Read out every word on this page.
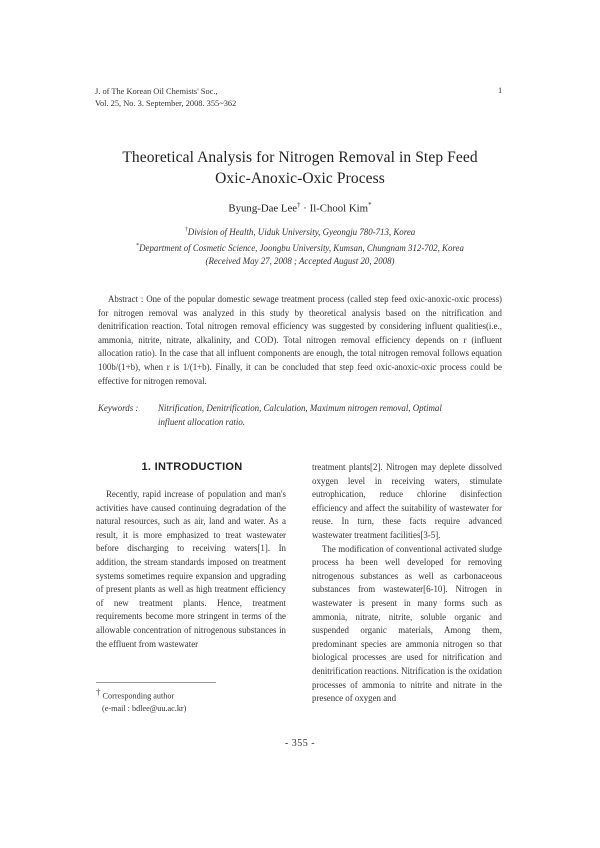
J. of The Korean Oil Chemists' Soc.,
Vol. 25, No. 3. September, 2008. 355~362
1
Theoretical Analysis for Nitrogen Removal in Step Feed
Oxic-Anoxic-Oxic Process
Byung-Dae Lee† · Il-Chool Kim*
†Division of Health, Uiduk University, Gyeongju 780-713, Korea
*Department of Cosmetic Science, Joongbu University, Kumsan, Chungnam 312-702, Korea
(Received May 27, 2008 ; Accepted August 20, 2008)
Abstract : One of the popular domestic sewage treatment process (called step feed oxic-anoxic-oxic process) for nitrogen removal was analyzed in this study by theoretical analysis based on the nitrification and denitrification reaction. Total nitrogen removal efficiency was suggested by considering influent qualities(i.e., ammonia, nitrite, nitrate, alkalinity, and COD). Total nitrogen removal efficiency depends on r (influent allocation ratio). In the case that all influent components are enough, the total nitrogen removal follows equation 100b/(1+b), when r is 1/(1+b). Finally, it can be concluded that step feed oxic-anoxic-oxic process could be effective for nitrogen removal.
Keywords : Nitrification, Denitrification, Calculation, Maximum nitrogen removal, Optimal
influent allocation ratio.
1. INTRODUCTION

Recently, rapid increase of population and man's activities have caused continuing degradation of the natural resources, such as air, land and water. As a result, it is more emphasized to treat wastewater before discharging to receiving waters[1]. In addition, the stream standards imposed on treatment systems sometimes require expansion and upgrading of present plants as well as high treatment efficiency of new treatment plants. Hence, treatment requirements become more stringent in terms of the allowable concentration of nitrogenous substances in the effluent from wastewater

treatment plants[2]. Nitrogen may deplete dissolved oxygen level in receiving waters, stimulate eutrophication, reduce chlorine disinfection efficiency and affect the suitability of wastewater for reuse. In turn, these facts require advanced wastewater treatment facilities[3-5].

The modification of conventional activated sludge process ha been well developed for removing nitrogenous substances as well as carbonaceous substances from wastewater[6-10]. Nitrogen in wastewater is present in many forms such as ammonia, nitrate, nitrite, soluble organic and suspended organic materials, Among them, predominant species are ammonia nitrogen so that biological processes are used for nitrification and denitrification reactions. Nitrification is the oxidation processes of ammonia to nitrite and nitrate in the presence of oxygen and

† Corresponding author
(e-mail : bdlee@uu.ac.kr)
- 355 -
